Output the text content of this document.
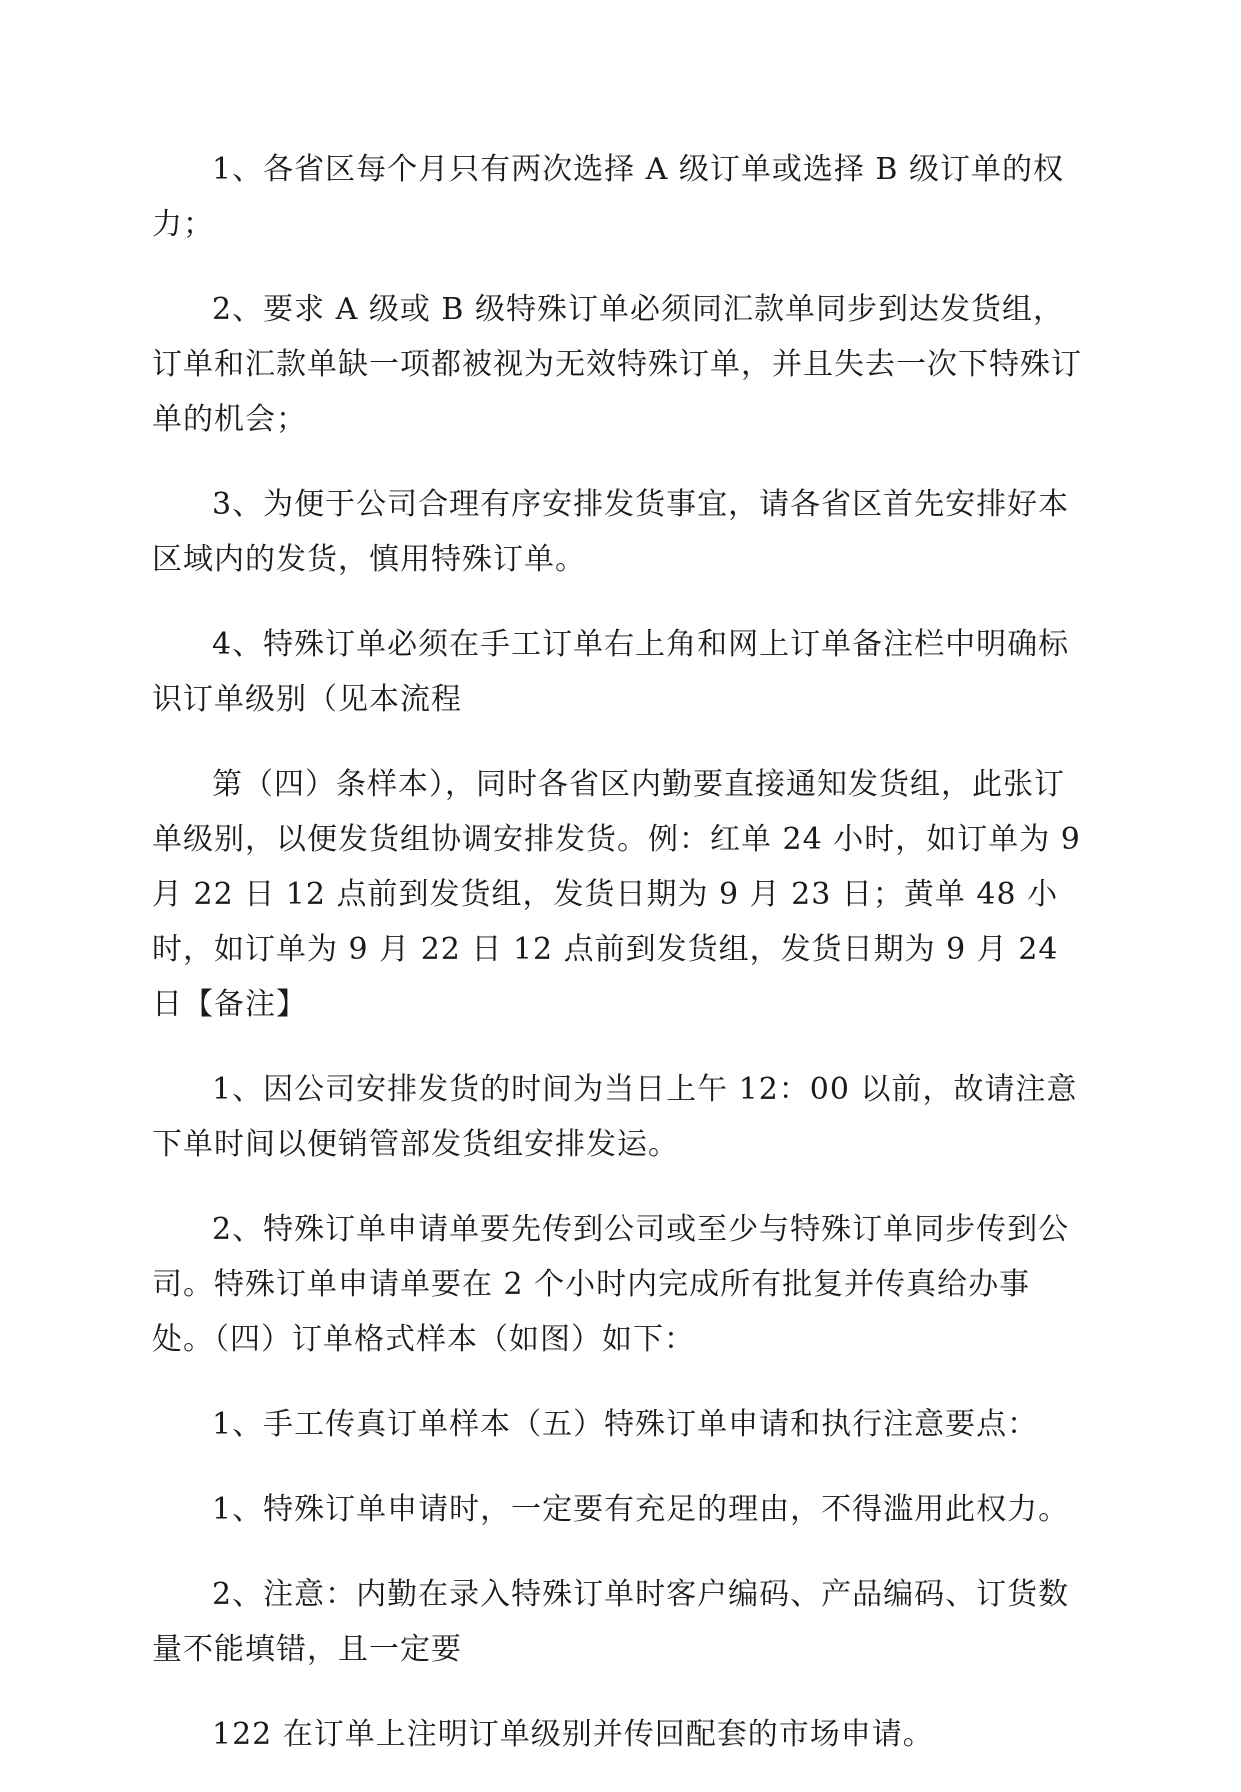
1、各省区每个月只有两次选择 A 级订单或选择 B 级订单的权力；

2、要求 A 级或 B 级特殊订单必须同汇款单同步到达发货组，订单和汇款单缺一项都被视为无效特殊订单，并且失去一次下特殊订单的机会；

3、为便于公司合理有序安排发货事宜，请各省区首先安排好本区域内的发货，慎用特殊订单。

4、特殊订单必须在手工订单右上角和网上订单备注栏中明确标识订单级别（见本流程

第（四）条样本），同时各省区内勤要直接通知发货组，此张订单级别，以便发货组协调安排发货。例：红单 24 小时，如订单为 9 月 22 日 12 点前到发货组，发货日期为 9 月 23 日；黄单 48 小时，如订单为 9 月 22 日 12 点前到发货组，发货日期为 9 月 24 日【备注】

1、因公司安排发货的时间为当日上午 12：00 以前，故请注意下单时间以便销管部发货组安排发运。

2、特殊订单申请单要先传到公司或至少与特殊订单同步传到公司。特殊订单申请单要在 2 个小时内完成所有批复并传真给办事处。（四）订单格式样本（如图）如下：

1、手工传真订单样本（五）特殊订单申请和执行注意要点：

1、特殊订单申请时，一定要有充足的理由，不得滥用此权力。

2、注意：内勤在录入特殊订单时客户编码、产品编码、订货数量不能填错，且一定要

122 在订单上注明订单级别并传回配套的市场申请。
